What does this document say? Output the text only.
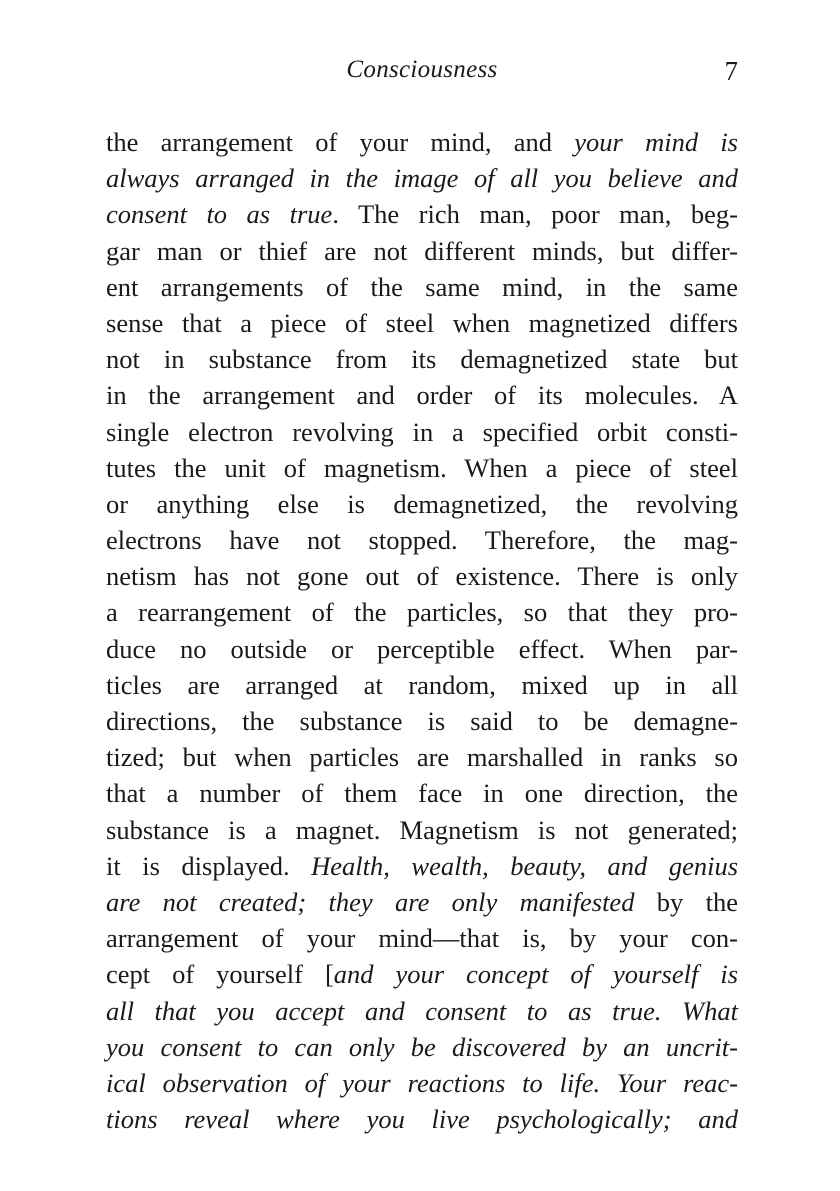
Consciousness	7
the arrangement of your mind, and your mind is
always arranged in the image of all you believe and
consent to as true. The rich man, poor man, beg-
gar man or thief are not different minds, but differ-
ent arrangements of the same mind, in the same
sense that a piece of steel when magnetized differs
not in substance from its demagnetized state but
in the arrangement and order of its molecules. A
single electron revolving in a specified orbit consti-
tutes the unit of magnetism. When a piece of steel
or anything else is demagnetized, the revolving
electrons have not stopped. Therefore, the mag-
netism has not gone out of existence. There is only
a rearrangement of the particles, so that they pro-
duce no outside or perceptible effect. When par-
ticles are arranged at random, mixed up in all
directions, the substance is said to be demagne-
tized; but when particles are marshalled in ranks so
that a number of them face in one direction, the
substance is a magnet. Magnetism is not generated;
it is displayed. Health, wealth, beauty, and genius
are not created; they are only manifested by the
arrangement of your mind—that is, by your con-
cept of yourself [and your concept of yourself is
all that you accept and consent to as true. What
you consent to can only be discovered by an uncrit-
ical observation of your reactions to life. Your reac-
tions reveal where you live psychologically; and
